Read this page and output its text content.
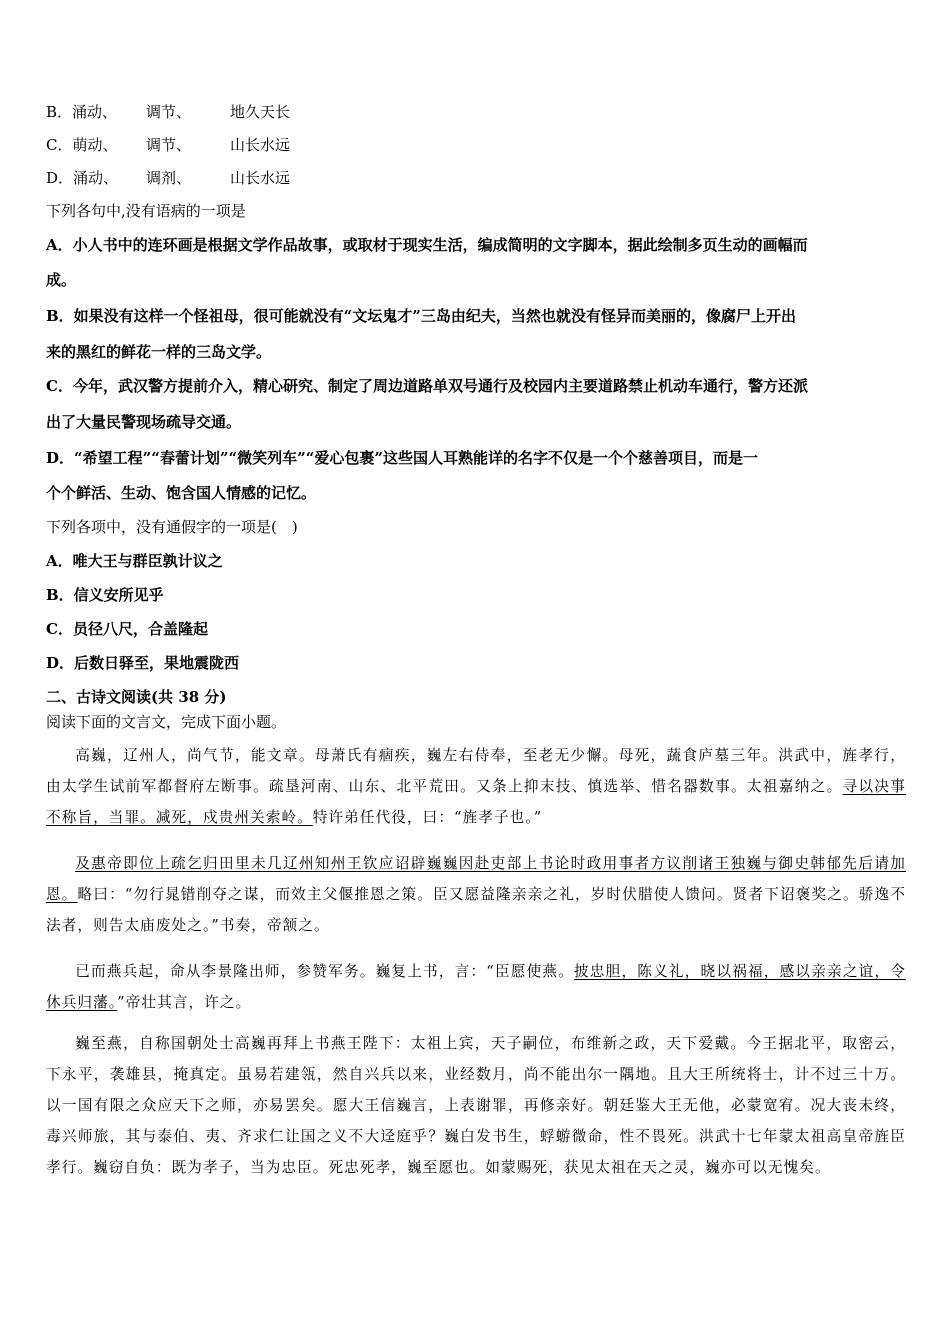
B．涌动、 调节、	地久天长
C．萌动、 调节、	山长水远
D．涌动、 调剂、	山长水远
下列各句中,没有语病的一项是
A．小人书中的连环画是根据文学作品故事，或取材于现实生活，编成简明的文字脚本，据此绘制多页生动的画幅而
成。
B．如果没有这样一个怪祖母，很可能就没有“文坛鬼才”三岛由纪夫，当然也就没有怪异而美丽的，像腐尸上开出
来的黑红的鲜花一样的三岛文学。
C．今年，武汉警方提前介入，精心研究、制定了周边道路单双号通行及校园内主要道路禁止机动车通行，警方还派
出了大量民警现场疏导交通。
D．“希望工程”“春蕾计划”“微笑列车”“爱心包裹”这些国人耳熟能详的名字不仅是一个个慈善项目，而是一
个个鲜活、生动、饱含国人情感的记忆。
下列各项中，没有通假字的一项是(　)
A．唯大王与群臣孰计议之
B．信义安所见乎
C．员径八尺，合盖隆起
D．后数日驿至，果地震陇西
二、古诗文阅读(共 38 分)
阅读下面的文言文，完成下面小题。
高巍，辽州人，尚气节，能文章。母萧氏有痼疾，巍左右侍奉，至老无少懈。母死，蔬食庐墓三年。洪武中，旌孝行，由太学生试前军都督府左断事。疏垦河南、山东、北平荒田。又条上抑末技、慎选举、惜名器数事。太祖嘉纳之。寻以决事不称旨，当罪。减死，戍贵州关索岭。特许弟任代役，曰：“旌孝子也。”
及惠帝即位上疏乞归田里未几辽州知州王钦应诏辟巍巍因赴吏部上书论时政用事者方议削诸王独巍与御史韩郁先后请加恩。略曰：“勿行晁错削夺之谋，而效主父偃推恩之策。臣又愿益隆亲亲之礼，岁时伏腊使人馈问。贤者下诏褒奖之。骄逸不法者，则告太庙废处之。”书奏，帝颔之。
已而燕兵起，命从李景隆出师，参赞军务。巍复上书，言：“臣愿使燕。披忠胆，陈义礼，晓以祸福，感以亲亲之谊，令休兵归藩。”帝壮其言，许之。
巍至燕，自称国朝处士高巍再拜上书燕王陛下：太祖上宾，天子嗣位，布维新之政，天下爱戴。今王据北平，取密云，下永平，袭雄县，掩真定。虽易若建瓴，然自兴兵以来，业经数月，尚不能出尔一隅地。且大王所统将士，计不过三十万。以一国有限之众应天下之师，亦易罢矣。愿大王信巍言，上表谢罪，再修亲好。朝廷鉴大王无他，必蒙宽宥。况大丧未终，毒兴师旅，其与泰伯、夷、齐求仁让国之义不大迳庭乎？巍白发书生，蜉蝣微命，性不畏死。洪武十七年蒙太祖高皇帝旌臣孝行。巍窃自负：既为孝子，当为忠臣。死忠死孝，巍至愿也。如蒙赐死，获见太祖在天之灵，巍亦可以无愧矣。
